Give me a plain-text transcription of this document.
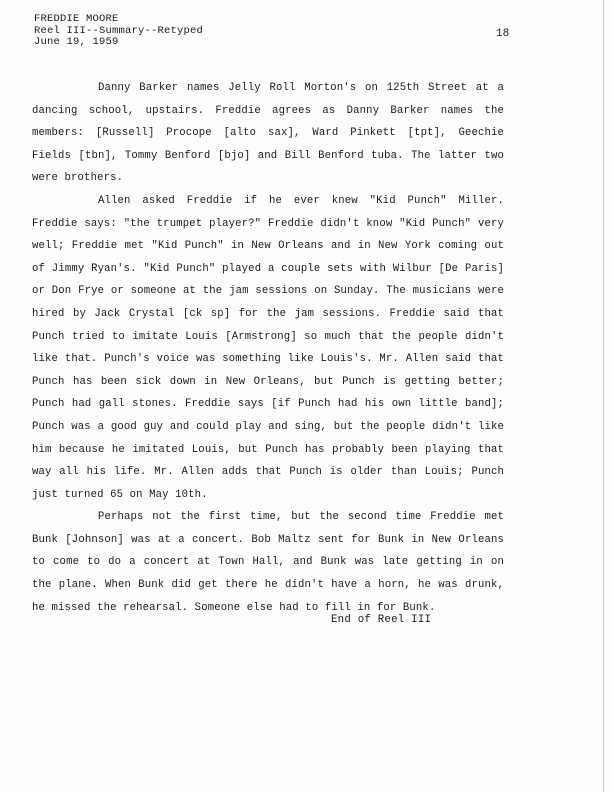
FREDDIE MOORE
Reel III--Summary--Retyped
June 19, 1959
18

Danny Barker names Jelly Roll Morton's on 125th Street at a dancing school, upstairs. Freddie agrees as Danny Barker names the members: [Russell] Procope [alto sax], Ward Pinkett [tpt], Geechie Fields [tbn], Tommy Benford [bjo] and Bill Benford tuba. The latter two were brothers.

Allen asked Freddie if he ever knew "Kid Punch" Miller. Freddie says: "the trumpet player?" Freddie didn't know "Kid Punch" very well; Freddie met "Kid Punch" in New Orleans and in New York coming out of Jimmy Ryan's. "Kid Punch" played a couple sets with Wilbur [De Paris] or Don Frye or someone at the jam sessions on Sunday. The musicians were hired by Jack Crystal [ck sp] for the jam sessions. Freddie said that Punch tried to imitate Louis [Armstrong] so much that the people didn't like that. Punch's voice was something like Louis's. Mr. Allen said that Punch has been sick down in New Orleans, but Punch is getting better; Punch had gall stones. Freddie says [if Punch had his own little band]; Punch was a good guy and could play and sing, but the people didn't like him because he imitated Louis, but Punch has probably been playing that way all his life. Mr. Allen adds that Punch is older than Louis; Punch just turned 65 on May 10th.

Perhaps not the first time, but the second time Freddie met Bunk [Johnson] was at a concert. Bob Maltz sent for Bunk in New Orleans to come to do a concert at Town Hall, and Bunk was late getting in on the plane. When Bunk did get there he didn't have a horn, he was drunk, he missed the rehearsal. Someone else had to fill in for Bunk.

End of Reel III
